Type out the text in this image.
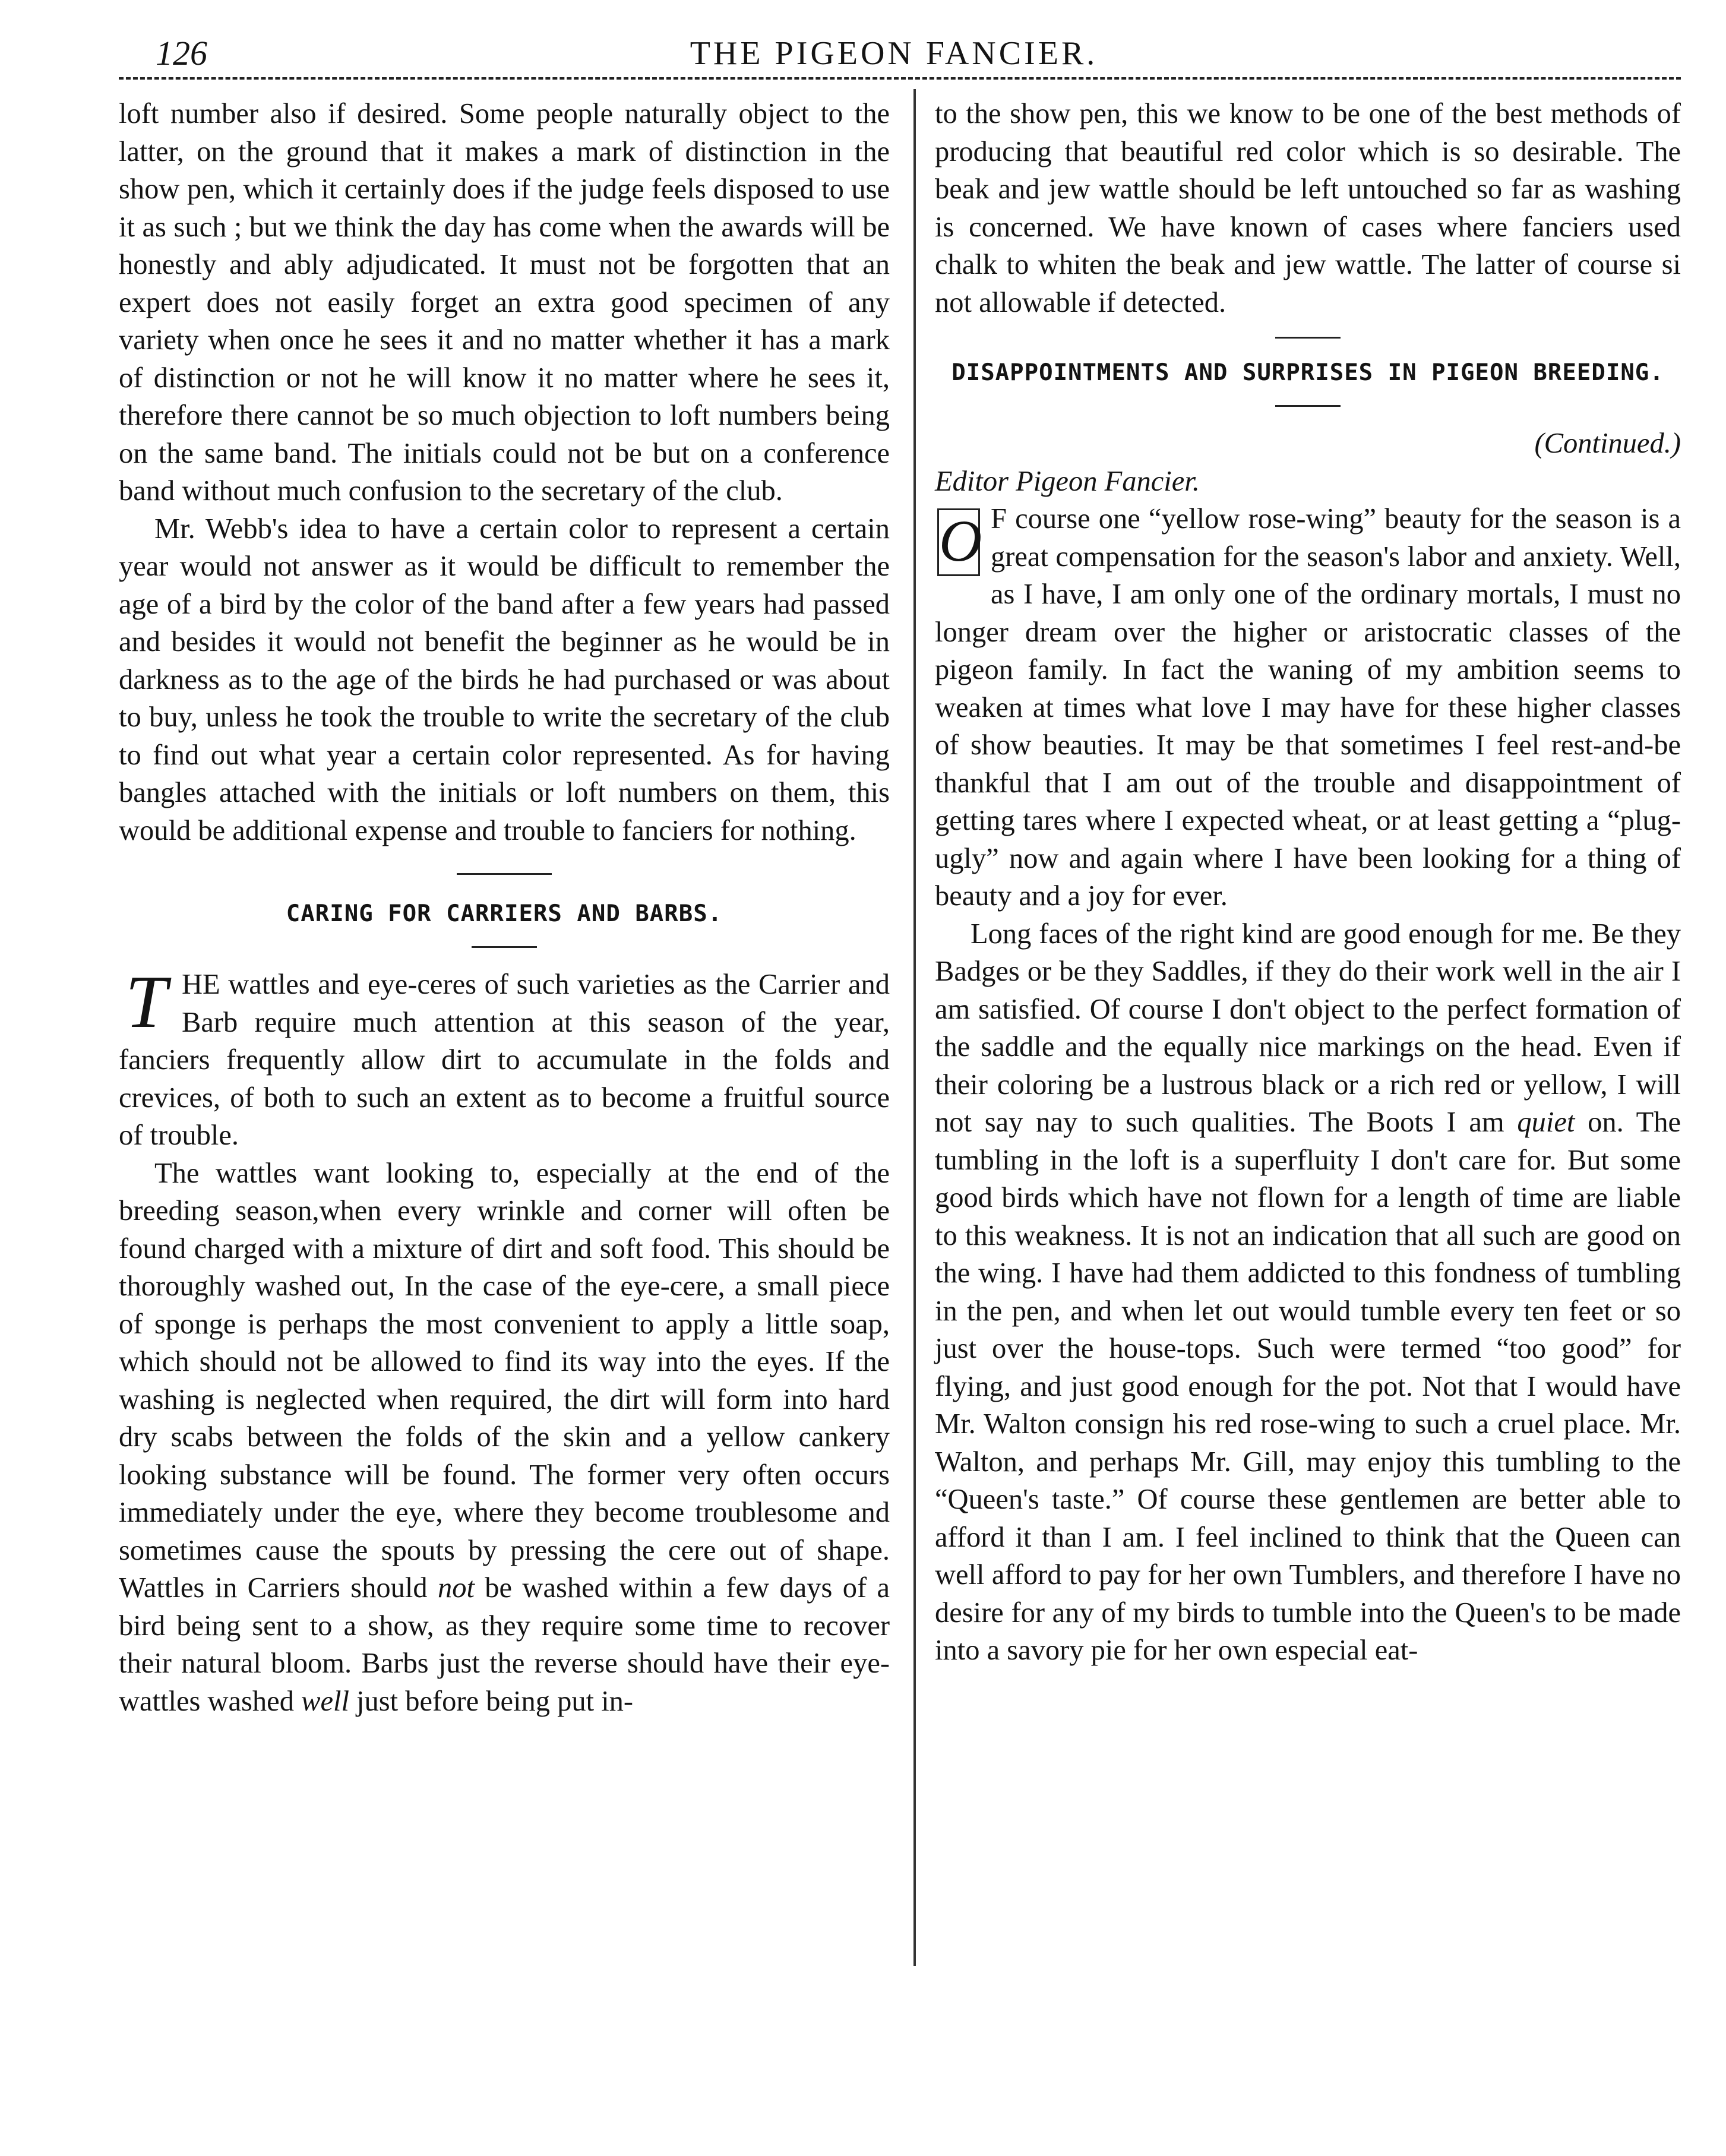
126	THE PIGEON FANCIER.

loft number also if desired. Some people naturally object to the latter, on the ground that it makes a mark of distinction in the show pen, which it certainly does if the judge feels disposed to use it as such ; but we think the day has come when the awards will be honestly and ably adjudicated. It must not be forgotten that an expert does not easily forget an extra good specimen of any variety when once he sees it and no matter whether it has a mark of distinction or not he will know it no matter where he sees it, therefore there cannot be so much objection to loft numbers being on the same band. The initials could not be but on a conference band without much confusion to the secretary of the club.

Mr. Webb's idea to have a certain color to represent a certain year would not answer as it would be difficult to remember the age of a bird by the color of the band after a few years had passed and besides it would not benefit the beginner as he would be in darkness as to the age of the birds he had purchased or was about to buy, unless he took the trouble to write the secretary of the club to find out what year a certain color represented. As for having bangles attached with the initials or loft numbers on them, this would be additional expense and trouble to fanciers for nothing.

CARING FOR CARRIERS AND BARBS.

THE wattles and eye-ceres of such varieties as the Carrier and Barb require much attention at this season of the year, fanciers frequently allow dirt to accumulate in the folds and crevices, of both to such an extent as to become a fruitful source of trouble.

The wattles want looking to, especially at the end of the breeding season,when every wrinkle and corner will often be found charged with a mixture of dirt and soft food. This should be thoroughly washed out, In the case of the eye-cere, a small piece of sponge is perhaps the most convenient to apply a little soap, which should not be allowed to find its way into the eyes. If the washing is neglected when required, the dirt will form into hard dry scabs between the folds of the skin and a yellow cankery looking substance will be found. The former very often occurs immediately under the eye, where they become troublesome and sometimes cause the spouts by pressing the cere out of shape. Wattles in Carriers should not be washed within a few days of a bird being sent to a show, as they require some time to recover their natural bloom. Barbs just the reverse should have their eye-wattles washed well just before being put in-

to the show pen, this we know to be one of the best methods of producing that beautiful red color which is so desirable. The beak and jew wattle should be left untouched so far as washing is concerned. We have known of cases where fanciers used chalk to whiten the beak and jew wattle. The latter of course si not allowable if detected.

DISAPPOINTMENTS AND SURPRISES IN PIGEON BREEDING.

(Continued.)

Editor Pigeon Fancier.

O F course one “yellow rose-wing” beauty for the season is a great compensation for the season's labor and anxiety. Well, as I have, I am only one of the ordinary mortals, I must no longer dream over the higher or aristocratic classes of the pigeon family. In fact the waning of my ambition seems to weaken at times what love I may have for these higher classes of show beauties. It may be that sometimes I feel rest-and-be thankful that I am out of the trouble and disappointment of getting tares where I expected wheat, or at least getting a “plug-ugly” now and again where I have been looking for a thing of beauty and a joy for ever.

Long faces of the right kind are good enough for me. Be they Badges or be they Saddles, if they do their work well in the air I am satisfied. Of course I don't object to the perfect formation of the saddle and the equally nice markings on the head. Even if their coloring be a lustrous black or a rich red or yellow, I will not say nay to such qualities. The Boots I am quiet on. The tumbling in the loft is a superfluity I don't care for. But some good birds which have not flown for a length of time are liable to this weakness. It is not an indication that all such are good on the wing. I have had them addicted to this fondness of tumbling in the pen, and when let out would tumble every ten feet or so just over the house-tops. Such were termed “too good” for flying, and just good enough for the pot. Not that I would have Mr. Walton consign his red rose-wing to such a cruel place. Mr. Walton, and perhaps Mr. Gill, may enjoy this tumbling to the “Queen's taste.” Of course these gentlemen are better able to afford it than I am. I feel inclined to think that the Queen can well afford to pay for her own Tumblers, and therefore I have no desire for any of my birds to tumble into the Queen's to be made into a savory pie for her own especial eat-
